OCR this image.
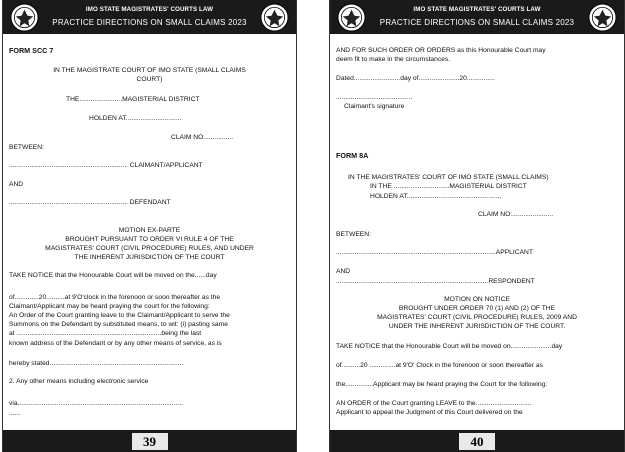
IMO STATE MAGISTRATES' COURTS LAW
PRACTICE DIRECTIONS ON SMALL CLAIMS 2023
FORM SCC 7
IN THE MAGISTRATE COURT OF IMO STATE (SMALL CLAIMS
COURT)
THE.......................MAGISTERIAL DISTRICT
HOLDEN AT..............................
CLAIM NO................
BETWEEN:
................................................................ CLAIMANT/APPLICANT
AND
................................................................ DEFENDANT
MOTION EX-PARTE
BROUGHT PURSUANT TO ORDER VI RULE 4 OF THE
MAGISTRATES' COURT (CIVIL PROCEDURE) RULES, AND UNDER
THE INHERENT JURISDICTION OF THE COURT
TAKE NOTICE that the Honourable Court will be moved on the......day
of.............20..........at 9'O'clock in the forenoon or soon thereafter as the
Claimant/Applicant may be heard praying the court for the following:
An Order of the Court granting leave to the Claimant/Applicant to serve the
Summons on the Defendant by substituted means, to wit: (i) pasting same
at ..............................................................................being the last
known address of the Defendant or by any other means of service, as is
hereby stated........................................................................
2. Any other means including electronic service
via.........................................................................................
......
39
IMO STATE MAGISTRATES' COURTS LAW
PRACTICE DIRECTIONS ON SMALL CLAIMS 2023
AND FOR SUCH ORDER OR ORDERS as this Honourable Court may
deem fit to make in the circumstances.
Dated.........................day of......................20...............
.........................................
Claimant's signature
FORM 8A
IN THE MAGISTRATES' COURT OF IMO STATE (SMALL CLAIMS)
IN THE ..............................MAGISTERIAL DISTRICT
HOLDEN AT...................................................
CLAIM NO:......................
BETWEEN:
......................................................................................APPLICANT
AND
..................................................................................RESPONDENT
MOTION ON NOTICE
BROUGHT UNDER ORDER 70 (1) AND (2) OF THE
MAGISTRATES' COURT (CIVIL PROCEDURE) RULES, 2009 AND
UNDER THE INHERENT JURISDICTION OF THE COURT.
TAKE NOTICE that the Honourable Court will be moved on......................day
of..........20 ..............at 9'O' Clock in the forenoon or soon thereafter as
the...............Applicant may be heard praying the Court for the following:
AN ORDER of the Court granting LEAVE to the..............................
Applicant to appeal the Judgment of this Court delivered on the
40
